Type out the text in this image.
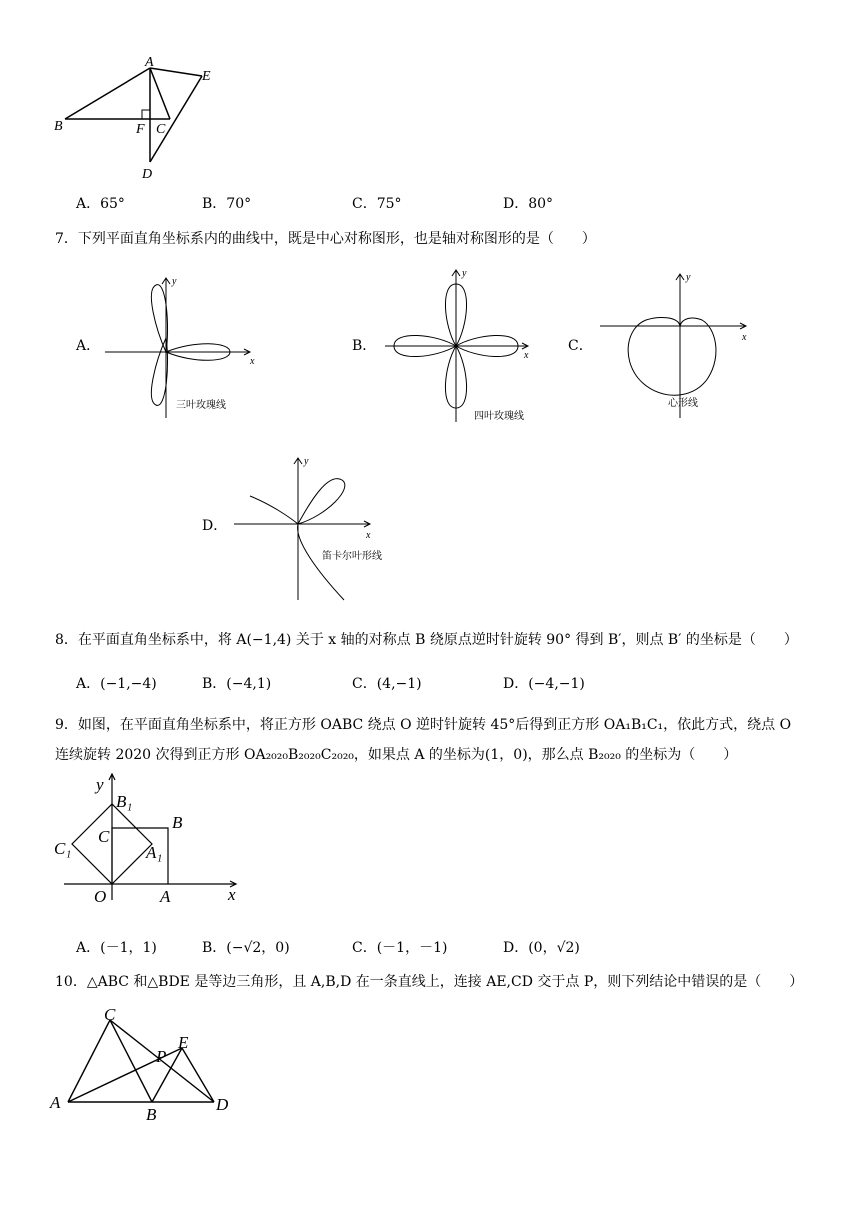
A
B	F C
D
E
A．65°	B．70°	C．75°	D．80°
7．下列平面直角坐标系内的曲线中，既是中心对称图形，也是轴对称图形的是（　　）
A．
x
y
三叶玫瑰线
B．
x
y
四叶玫瑰线
C．
x
y
心形线
D．
x
y
笛卡尔叶形线
8．在平面直角坐标系中，将 A(−1,4) 关于 x 轴的对称点 B 绕原点逆时针旋转 90° 得到 B′，则点 B′ 的坐标是（　　）
A．(−1,−4)	B．(−4,1)	C．(4,−1)	D．(−4,−1)
9．如图，在平面直角坐标系中，将正方形 OABC 绕点 O 逆时针旋转 45°后得到正方形 OA₁B₁C₁，依此方式，绕点 O
连续旋转 2020 次得到正方形 OA₂₀₂₀B₂₀₂₀C₂₀₂₀，如果点 A 的坐标为(1，0)，那么点 B₂₀₂₀ 的坐标为（　　）
y
x
O	A
B
C
B₁
A₁
C₁
A．(－1，1)	B．(−√2，0)	C．(－1，－1)	D．(0，√2)
10．△ABC 和△BDE 是等边三角形，且 A,B,D 在一条直线上，连接 AE,CD 交于点 P，则下列结论中错误的是（　　）
C
P
E
A
B
D
